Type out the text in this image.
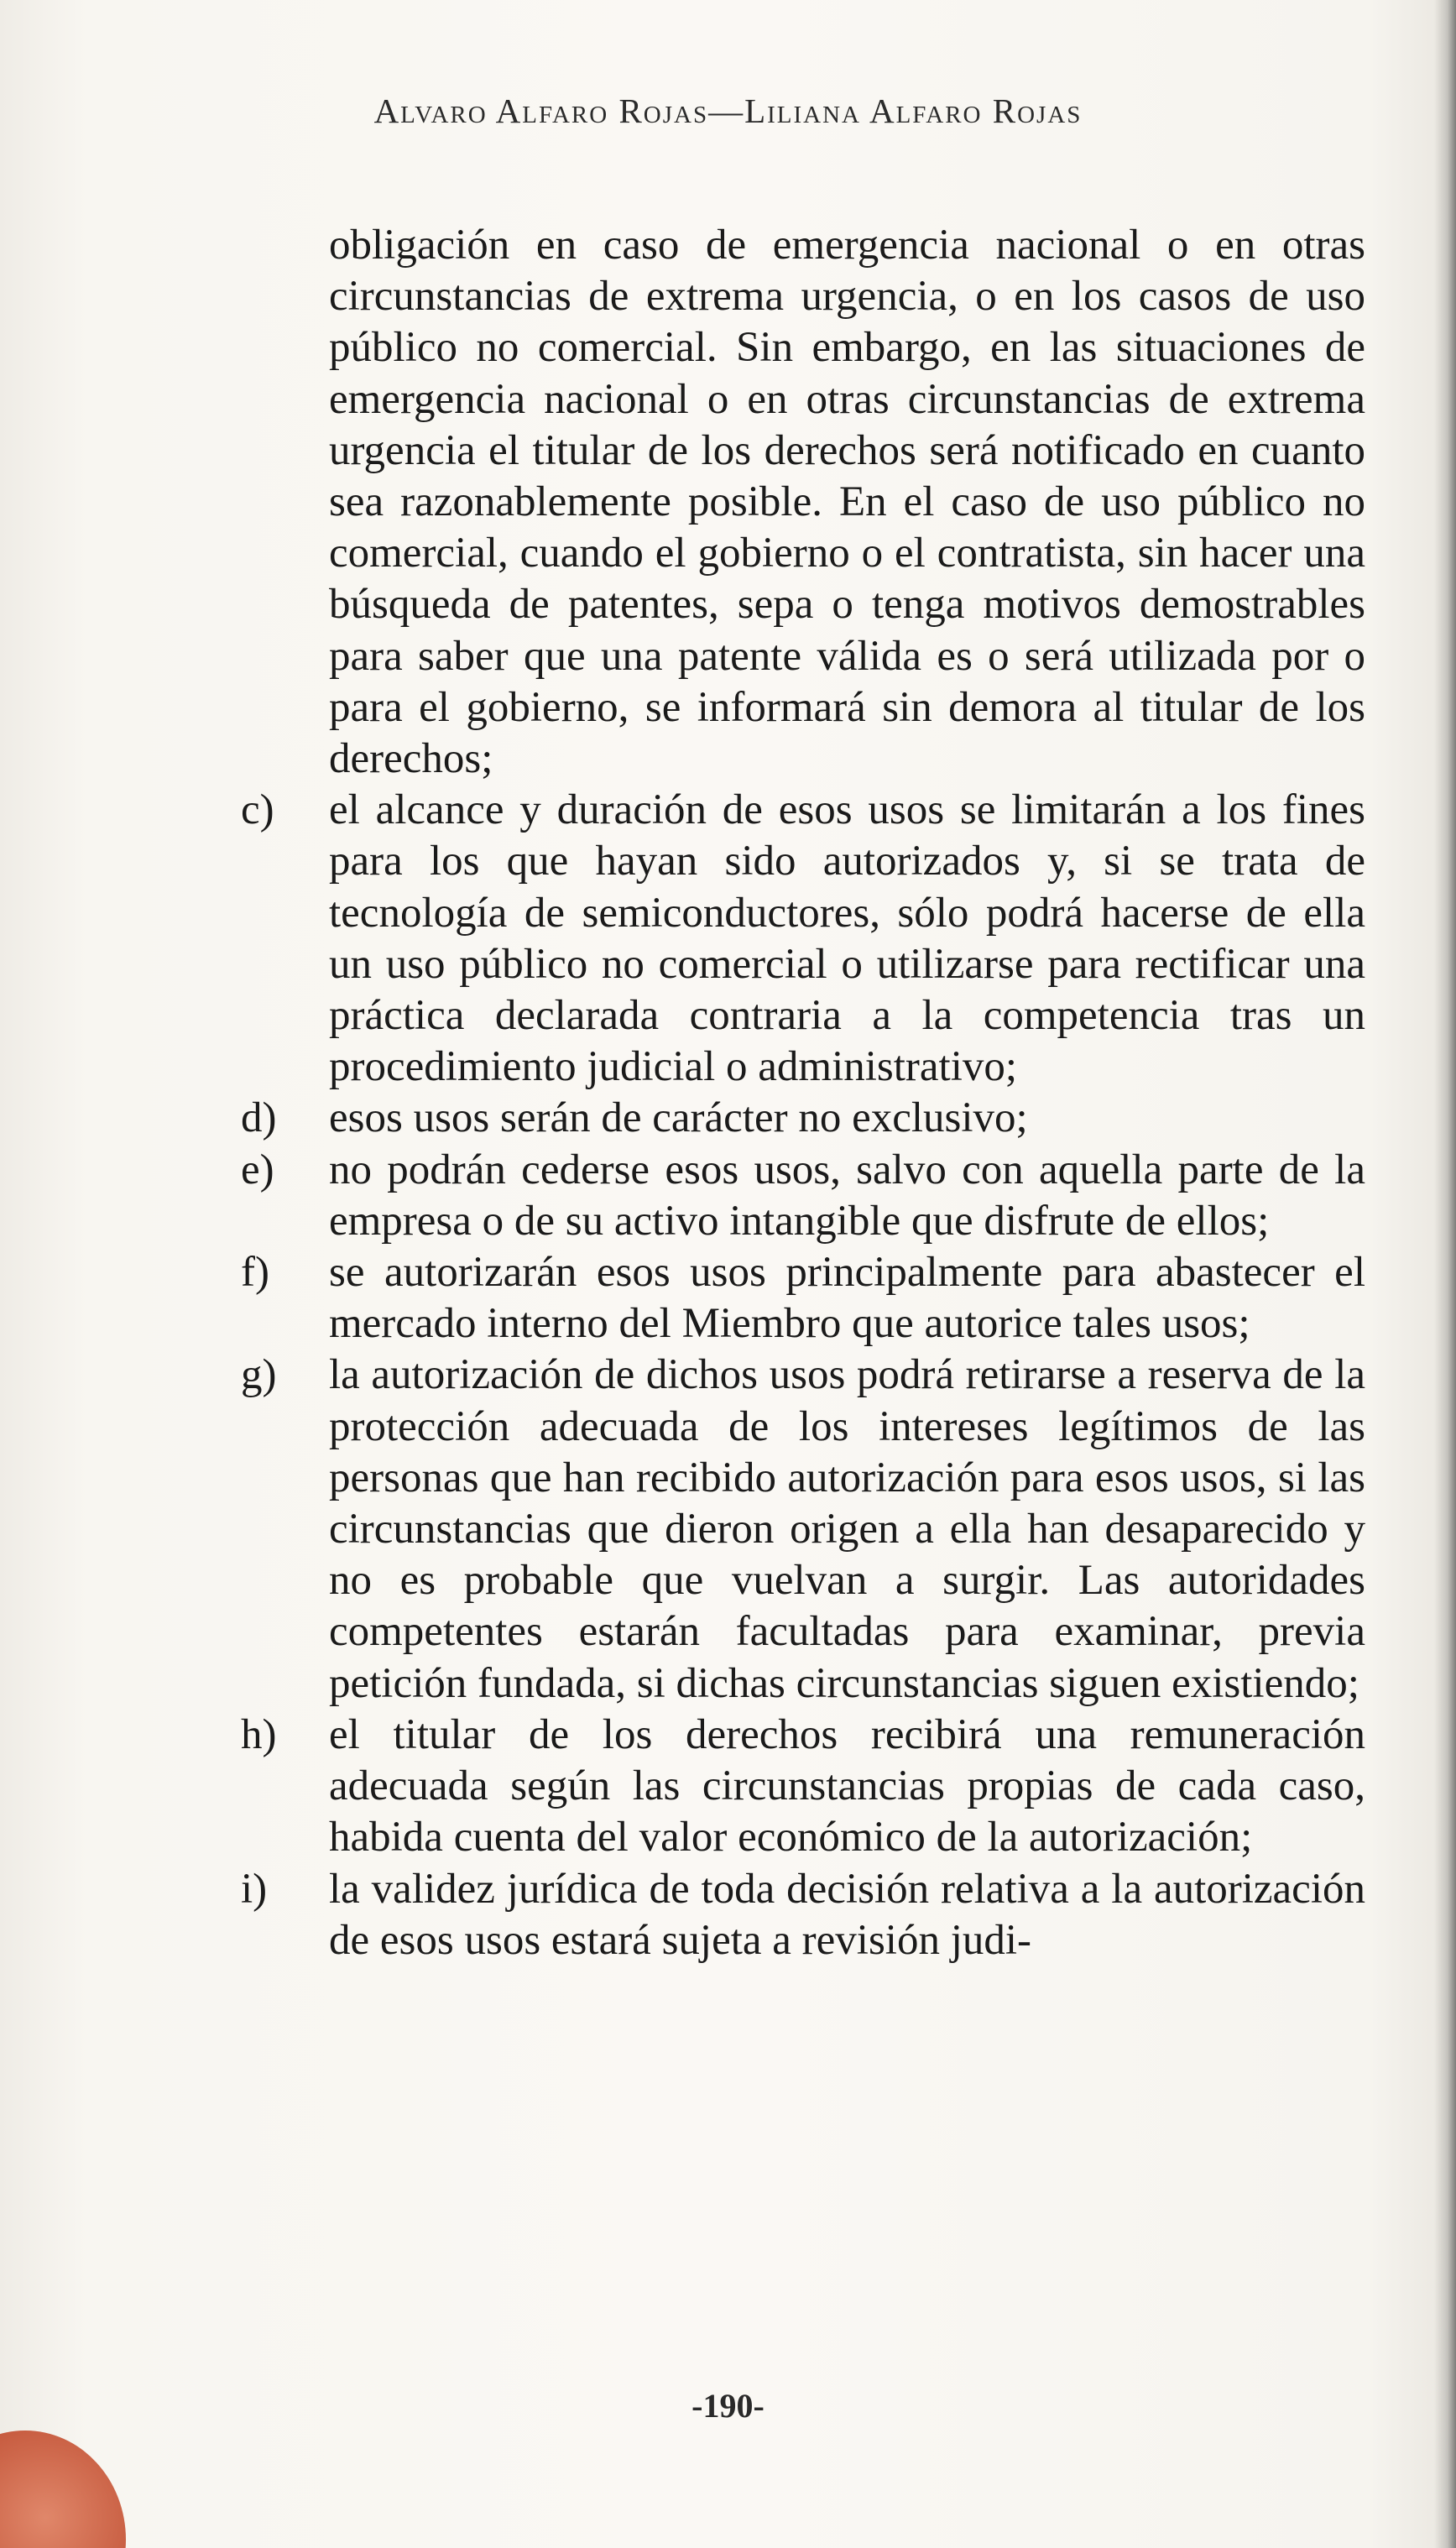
Alvaro Alfaro Rojas—Liliana Alfaro Rojas

obligación en caso de emergencia nacional o en otras circunstancias de extrema urgencia, o en los casos de uso público no comercial. Sin embargo, en las situaciones de emergencia nacional o en otras circunstancias de extrema urgencia el titular de los derechos será notificado en cuanto sea razonablemente posible. En el caso de uso público no comercial, cuando el gobierno o el contratista, sin hacer una búsqueda de patentes, sepa o tenga motivos demostrables para saber que una patente válida es o será utilizada por o para el gobierno, se informará sin demora al titular de los derechos;

c)	el alcance y duración de esos usos se limitarán a los fines para los que hayan sido autorizados y, si se trata de tecnología de semiconductores, sólo podrá hacerse de ella un uso público no comercial o utilizarse para rectificar una práctica declarada contraria a la competencia tras un procedimiento judicial o administrativo;

d)	esos usos serán de carácter no exclusivo;

e)	no podrán cederse esos usos, salvo con aquella parte de la empresa o de su activo intangible que disfrute de ellos;

f)	se autorizarán esos usos principalmente para abastecer el mercado interno del Miembro que autorice tales usos;

g)	la autorización de dichos usos podrá retirarse a reserva de la protección adecuada de los intereses legítimos de las personas que han recibido autorización para esos usos, si las circunstancias que dieron origen a ella han desaparecido y no es probable que vuelvan a surgir. Las autoridades competentes estarán facultadas para examinar, previa petición fundada, si dichas circunstancias siguen existiendo;

h)	el titular de los derechos recibirá una remuneración adecuada según las circunstancias propias de cada caso, habida cuenta del valor económico de la autorización;

i)	la validez jurídica de toda decisión relativa a la autorización de esos usos estará sujeta a revisión judi-

-190-
